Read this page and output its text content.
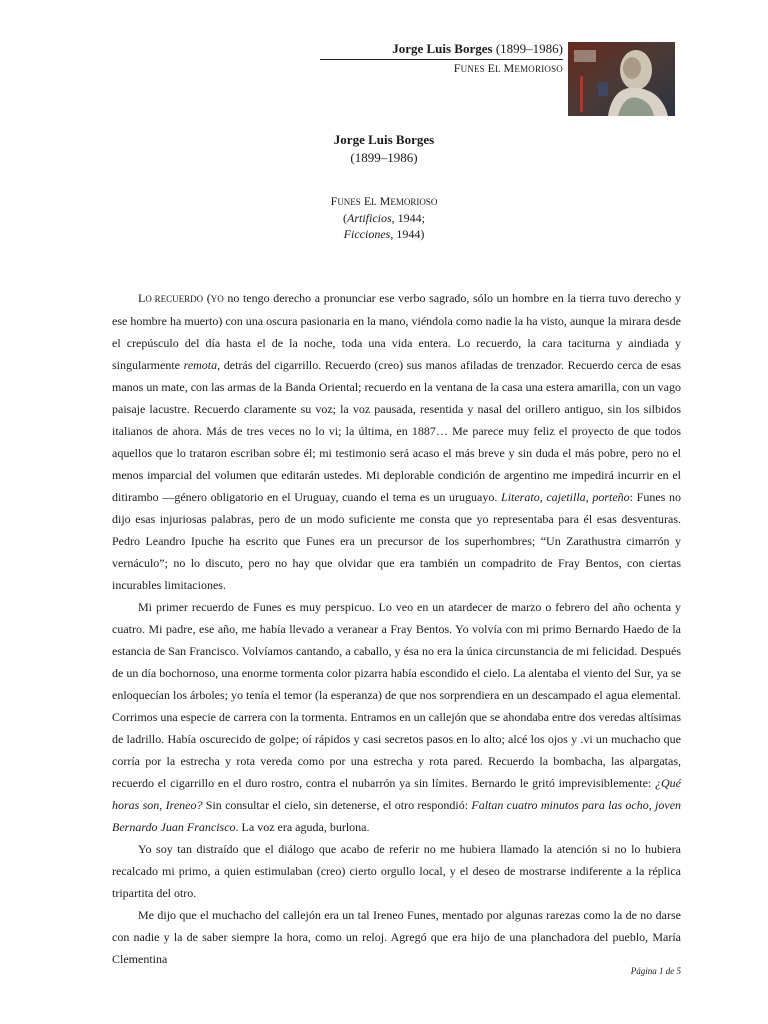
Jorge Luis Borges (1899–1986)
FUNES EL MEMORIOSO
Jorge Luis Borges
(1899–1986)
FUNES EL MEMORIOSO
(Artificios, 1944;
Ficciones, 1944)

LO RECUERDO (YO no tengo derecho a pronunciar ese verbo sagrado, sólo un hombre en la tierra tuvo derecho y ese hombre ha muerto) con una oscura pasionaria en la mano, viéndola como nadie la ha visto, aunque la mirara desde el crepúsculo del día hasta el de la noche, toda una vida entera. Lo recuerdo, la cara taciturna y aindiada y singularmente remota, detrás del cigarrillo. Recuerdo (creo) sus manos afiladas de trenzador. Recuerdo cerca de esas manos un mate, con las armas de la Banda Oriental; recuerdo en la ventana de la casa una estera amarilla, con un vago paisaje lacustre. Recuerdo claramente su voz; la voz pausada, resentida y nasal del orillero antiguo, sin los silbidos italianos de ahora. Más de tres veces no lo vi; la última, en 1887… Me parece muy feliz el proyecto de que todos aquellos que lo trataron escriban sobre él; mi testimonio será acaso el más breve y sin duda el más pobre, pero no el menos imparcial del volumen que editarán ustedes. Mi deplorable condición de argentino me impedirá incurrir en el ditirambo —género obligatorio en el Uruguay, cuando el tema es un uruguayo. Literato, cajetilla, porteño: Funes no dijo esas injuriosas palabras, pero de un modo suficiente me consta que yo representaba para él esas desventuras. Pedro Leandro Ipuche ha escrito que Funes era un precursor de los superhombres; “Un Zarathustra cimarrón y vernáculo”; no lo discuto, pero no hay que olvidar que era también un compadrito de Fray Bentos, con ciertas incurables limitaciones.

Mi primer recuerdo de Funes es muy perspicuo. Lo veo en un atardecer de marzo o febrero del año ochenta y cuatro. Mi padre, ese año, me había llevado a veranear a Fray Bentos. Yo volvía con mi primo Bernardo Haedo de la estancia de San Francisco. Volvíamos cantando, a caballo, y ésa no era la única circunstancia de mi felicidad. Después de un día bochornoso, una enorme tormenta color pizarra había escondido el cielo. La alentaba el viento del Sur, ya se enloquecían los árboles; yo tenía el temor (la esperanza) de que nos sorprendiera en un descampado el agua elemental. Corrimos una especie de carrera con la tormenta. Entramos en un callejón que se ahondaba entre dos veredas altísimas de ladrillo. Había oscurecido de golpe; oí rápidos y casi secretos pasos en lo alto; alcé los ojos y .vi un muchacho que corría por la estrecha y rota vereda como por una estrecha y rota pared. Recuerdo la bombacha, las alpargatas, recuerdo el cigarrillo en el duro rostro, contra el nubarrón ya sin límites. Bernardo le gritó imprevisiblemente: ¿Qué horas son, Ireneo? Sin consultar el cielo, sin detenerse, el otro respondió: Faltan cuatro minutos para las ocho, joven Bernardo Juan Francisco. La voz era aguda, burlona.

Yo soy tan distraído que el diálogo que acabo de referir no me hubiera llamado la atención si no lo hubiera recalcado mi primo, a quien estimulaban (creo) cierto orgullo local, y el deseo de mostrarse indiferente a la réplica tripartita del otro.

Me dijo que el muchacho del callejón era un tal Ireneo Funes, mentado por algunas rarezas como la de no darse con nadie y la de saber siempre la hora, como un reloj. Agregó que era hijo de una planchadora del pueblo, María Clementina

Página 1 de 5
